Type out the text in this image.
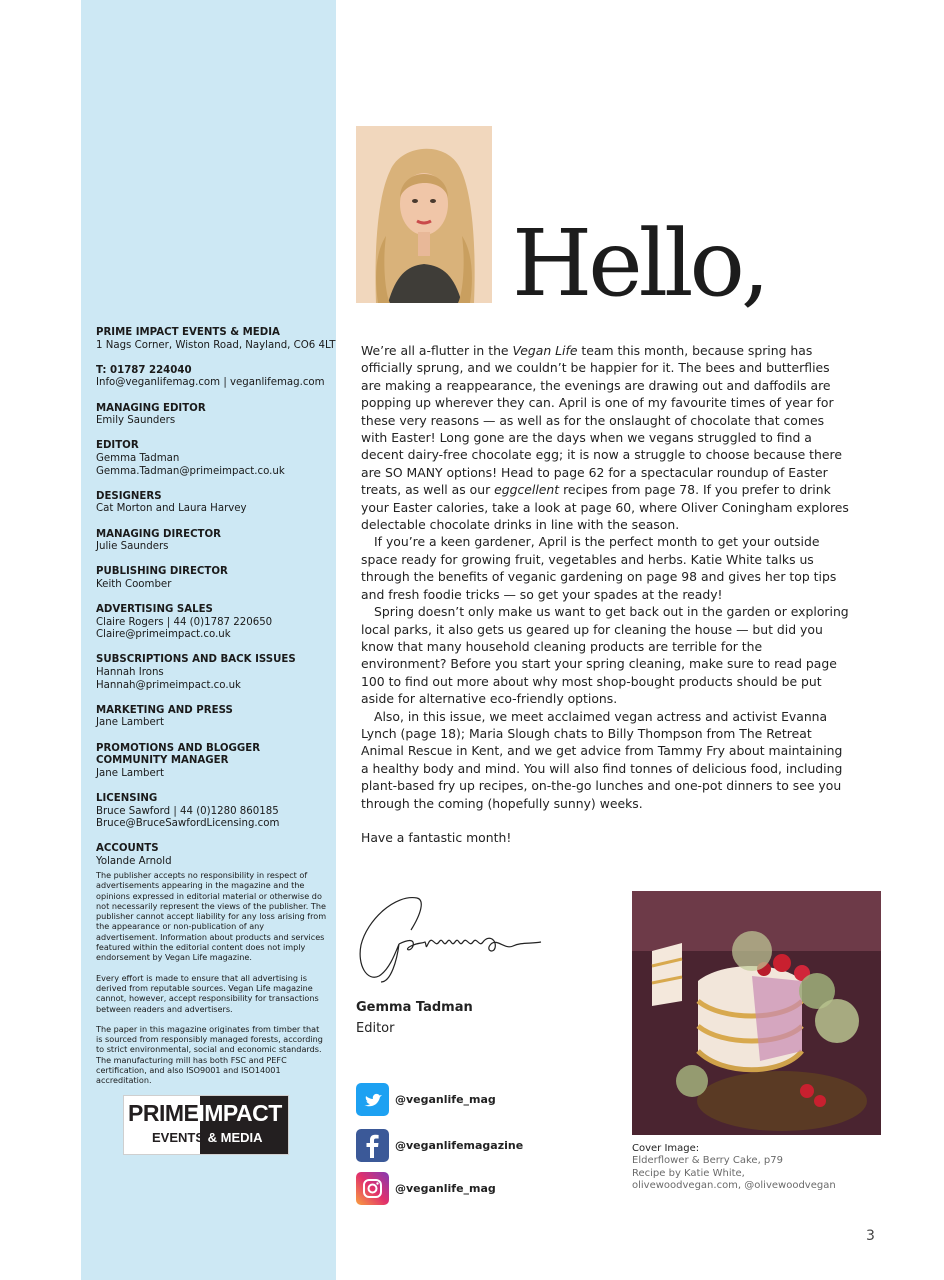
PRIME IMPACT EVENTS & MEDIA
1 Nags Corner, Wiston Road, Nayland, CO6 4LT
T: 01787 224040
Info@veganlifemag.com | veganlifemag.com
MANAGING EDITOR
Emily Saunders
EDITOR
Gemma Tadman
Gemma.Tadman@primeimpact.co.uk
DESIGNERS
Cat Morton and Laura Harvey
MANAGING DIRECTOR
Julie Saunders
PUBLISHING DIRECTOR
Keith Coomber
ADVERTISING SALES
Claire Rogers | 44 (0)1787 220650
Claire@primeimpact.co.uk
SUBSCRIPTIONS AND BACK ISSUES
Hannah Irons
Hannah@primeimpact.co.uk
MARKETING AND PRESS
Jane Lambert
PROMOTIONS AND BLOGGER COMMUNITY MANAGER
Jane Lambert
LICENSING
Bruce Sawford | 44 (0)1280 860185
Bruce@BruceSawfordLicensing.com
ACCOUNTS
Yolande Arnold

The publisher accepts no responsibility in respect of advertisements appearing in the magazine and the opinions expressed in editorial material or otherwise do not necessarily represent the views of the publisher. The publisher cannot accept liability for any loss arising from the appearance or non-publication of any advertisement. Information about products and services featured within the editorial content does not imply endorsement by Vegan Life magazine.

Every effort is made to ensure that all advertising is derived from reputable sources. Vegan Life magazine cannot, however, accept responsibility for transactions between readers and advertisers.

The paper in this magazine originates from timber that is sourced from responsibly managed forests, according to strict environmental, social and economic standards. The manufacturing mill has both FSC and PEFC certification, and also ISO9001 and ISO14001 accreditation.

PRIMEIMPACT
EVENTS & MEDIA
Hello,

We’re all a-flutter in the Vegan Life team this month, because spring has officially sprung, and we couldn’t be happier for it. The bees and butterflies are making a reappearance, the evenings are drawing out and daffodils are popping up wherever they can. April is one of my favourite times of year for these very reasons — as well as for the onslaught of chocolate that comes with Easter! Long gone are the days when we vegans struggled to find a decent dairy-free chocolate egg; it is now a struggle to choose because there are SO MANY options! Head to page 62 for a spectacular roundup of Easter treats, as well as our eggcellent recipes from page 78. If you prefer to drink your Easter calories, take a look at page 60, where Oliver Coningham explores delectable chocolate drinks in line with the season.

If you’re a keen gardener, April is the perfect month to get your outside space ready for growing fruit, vegetables and herbs. Katie White talks us through the benefits of veganic gardening on page 98 and gives her top tips and fresh foodie tricks — so get your spades at the ready!

Spring doesn’t only make us want to get back out in the garden or exploring local parks, it also gets us geared up for cleaning the house — but did you know that many household cleaning products are terrible for the environment? Before you start your spring cleaning, make sure to read page 100 to find out more about why most shop-bought products should be put aside for alternative eco-friendly options.

Also, in this issue, we meet acclaimed vegan actress and activist Evanna Lynch (page 18); Maria Slough chats to Billy Thompson from The Retreat Animal Rescue in Kent, and we get advice from Tammy Fry about maintaining a healthy body and mind. You will also find tonnes of delicious food, including plant-based fry up recipes, on-the-go lunches and one-pot dinners to see you through the coming (hopefully sunny) weeks.

Have a fantastic month!

Gemma Tadman
Editor
@veganlife_mag
@veganlifemagazine
@veganlife_mag
Cover Image:
Elderflower & Berry Cake, p79
Recipe by Katie White,
olivewoodvegan.com, @olivewoodvegan
3
